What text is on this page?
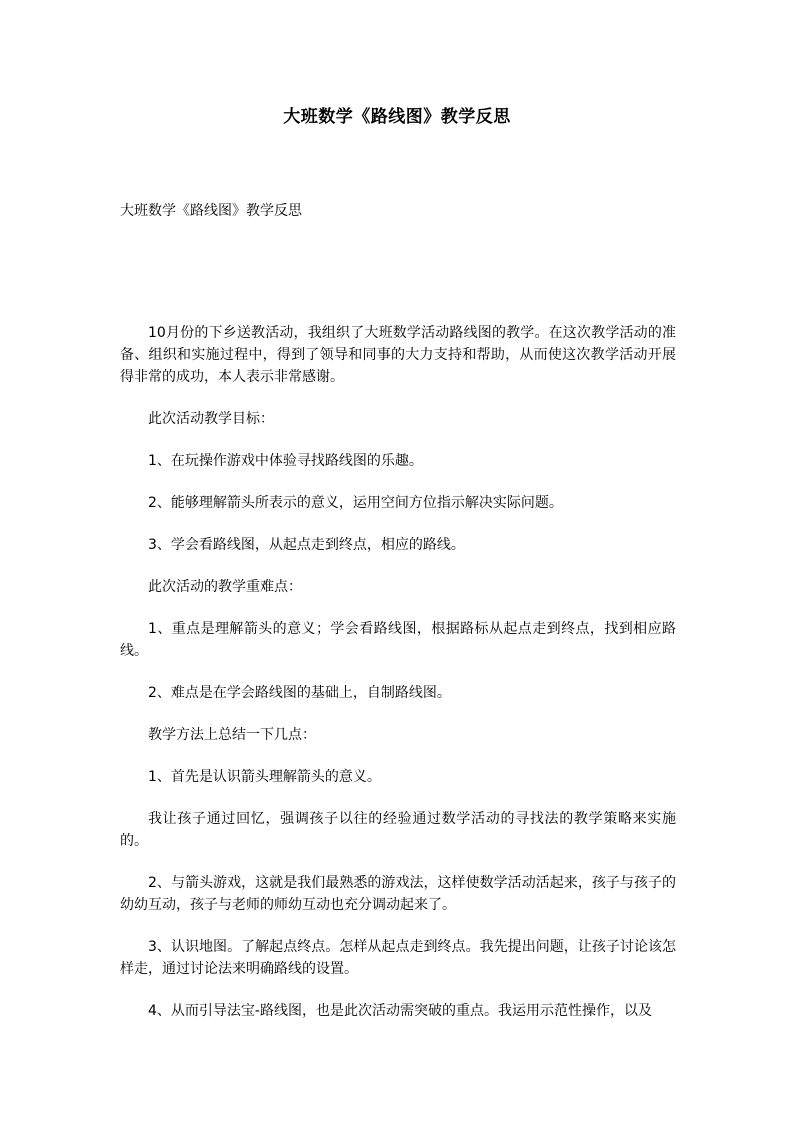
大班数学《路线图》教学反思
大班数学《路线图》教学反思

10月份的下乡送教活动，我组织了大班数学活动路线图的教学。在这次教学活动的准备、组织和实施过程中，得到了领导和同事的大力支持和帮助，从而使这次教学活动开展得非常的成功，本人表示非常感谢。

此次活动教学目标：

1、在玩操作游戏中体验寻找路线图的乐趣。

2、能够理解箭头所表示的意义，运用空间方位指示解决实际问题。

3、学会看路线图，从起点走到终点，相应的路线。

此次活动的教学重难点：

1、重点是理解箭头的意义；学会看路线图，根据路标从起点走到终点，找到相应路线。

2、难点是在学会路线图的基础上，自制路线图。

教学方法上总结一下几点：

1、首先是认识箭头理解箭头的意义。

我让孩子通过回忆，强调孩子以往的经验通过数学活动的寻找法的教学策略来实施的。

2、与箭头游戏，这就是我们最熟悉的游戏法，这样使数学活动活起来，孩子与孩子的幼幼互动，孩子与老师的师幼互动也充分调动起来了。

3、认识地图。了解起点终点。怎样从起点走到终点。我先提出问题，让孩子讨论该怎样走，通过讨论法来明确路线的设置。

4、从而引导法宝-路线图，也是此次活动需突破的重点。我运用示范性操作，以及
